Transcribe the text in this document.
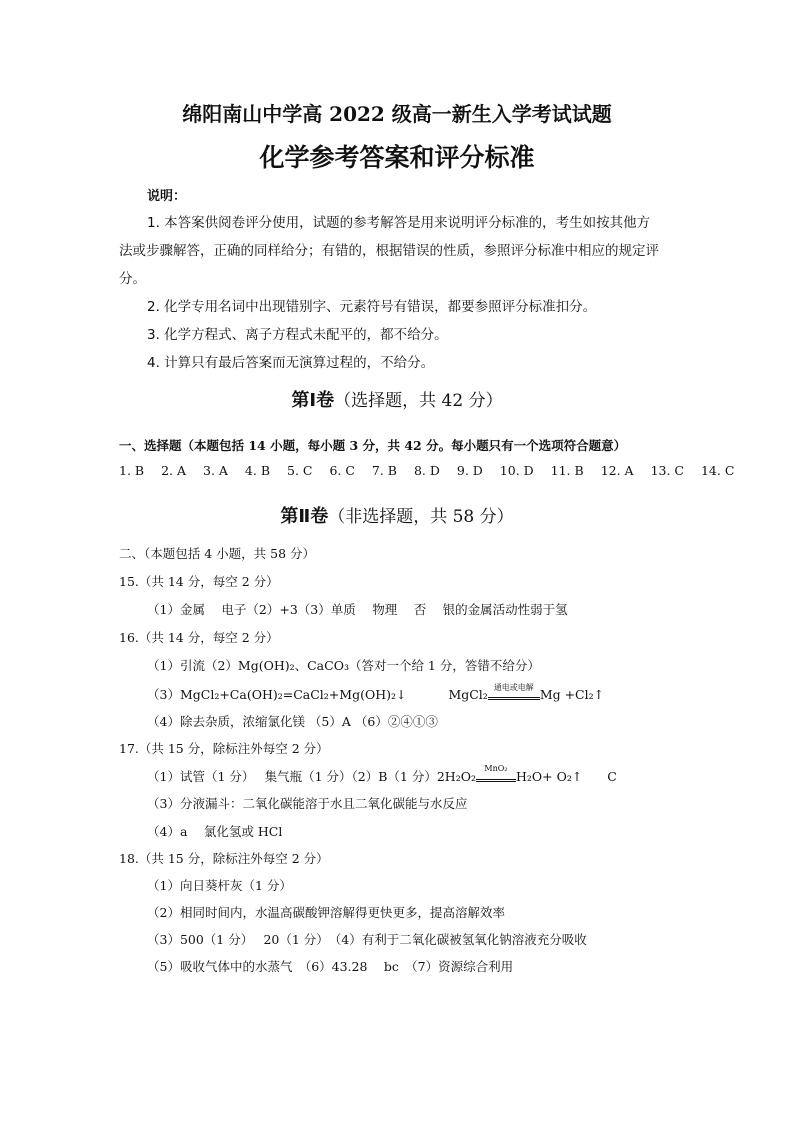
绵阳南山中学高 2022 级高一新生入学考试试题
化学参考答案和评分标准
说明：
1. 本答案供阅卷评分使用，试题的参考解答是用来说明评分标准的，考生如按其他方
法或步骤解答，正确的同样给分；有错的，根据错误的性质，参照评分标准中相应的规定评
分。
2. 化学专用名词中出现错别字、元素符号有错误，都要参照评分标准扣分。
3. 化学方程式、离子方程式未配平的，都不给分。
4. 计算只有最后答案而无演算过程的，不给分。
第Ⅰ卷（选择题，共 42 分）
一、选择题（本题包括 14 小题，每小题 3 分，共 42 分。每小题只有一个选项符合题意）
1. B 2. A 3. A 4. B 5. C 6. C 7. B 8. D 9. D 10. D 11. B 12. A 13. C 14. C
第Ⅱ卷（非选择题，共 58 分）
二、（本题包括 4 小题，共 58 分）
15.（共 14 分，每空 2 分）
（1）金属　 电子（2）+3（3）单质　 物理　 否　 银的金属活动性弱于氢
16.（共 14 分，每空 2 分）
（1）引流（2）Mg(OH)₂、CaCO₃（答对一个给 1 分，答错不给分）
（3）MgCl₂+Ca(OH)₂=CaCl₂+Mg(OH)₂↓	MgCl₂ 通电或电解 Mg +Cl₂↑
（4）除去杂质，浓缩氯化镁 （5）A （6）②④①③
17.（共 15 分，除标注外每空 2 分）
（1）试管（1 分）　 集气瓶（1 分）（2）B（1 分）2H₂O₂
MnO₂
H₂O+ O₂↑　　C
（3）分液漏斗：二氧化碳能溶于水且二氧化碳能与水反应
（4）a　 氯化氢或 HCl
18.（共 15 分，除标注外每空 2 分）
（1）向日葵杆灰（1 分）
（2）相同时间内，水温高碳酸钾溶解得更快更多，提高溶解效率
（3）500（1 分）　 20（1 分）　（4）有利于二氧化碳被氢氧化钠溶液充分吸收
（5）吸收气体中的水蒸气　（6）43.28　 bc　（7）资源综合利用
